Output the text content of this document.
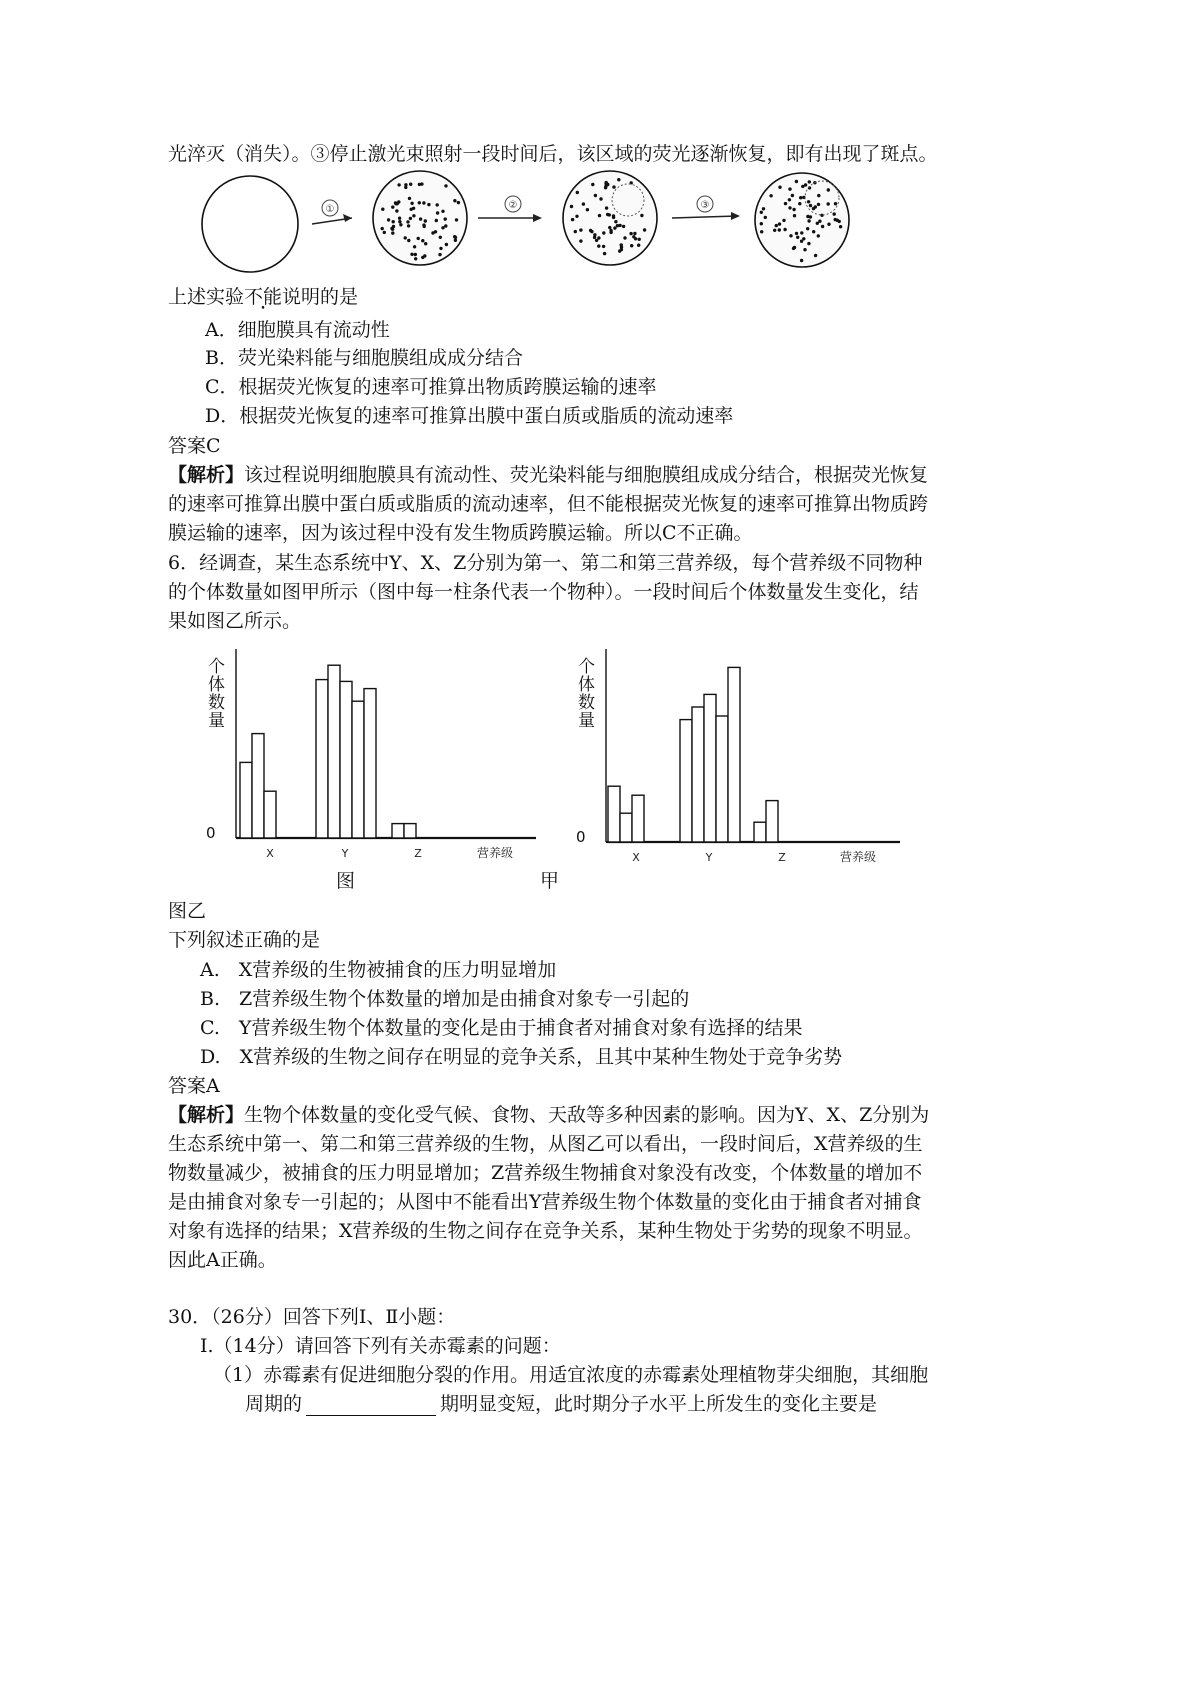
光淬灭（消失）。③停止激光束照射一段时间后，该区域的荧光逐渐恢复，即有出现了斑点。
①	②	③
上述实验不能说明的是
A．细胞膜具有流动性
B．荧光染料能与细胞膜组成成分结合
C．根据荧光恢复的速率可推算出物质跨膜运输的速率
D．根据荧光恢复的速率可推算出膜中蛋白质或脂质的流动速率
答案C
【解析】该过程说明细胞膜具有流动性、荧光染料能与细胞膜组成成分结合，根据荧光恢复
的速率可推算出膜中蛋白质或脂质的流动速率，但不能根据荧光恢复的速率可推算出物质跨
膜运输的速率，因为该过程中没有发生物质跨膜运输。所以C不正确。
6．经调查，某生态系统中Y、X、Z分别为第一、第二和第三营养级，每个营养级不同物种
的个体数量如图甲所示（图中每一柱条代表一个物种）。一段时间后个体数量发生变化，结
果如图乙所示。
个体数量
0
X	Y	Z	营养级
个体数量
0
X	Y	Z	营养级
图	甲
图乙
下列叙述正确的是
A.　X营养级的生物被捕食的压力明显增加
B.　Z营养级生物个体数量的增加是由捕食对象专一引起的
C.　Y营养级生物个体数量的变化是由于捕食者对捕食对象有选择的结果
D.　X营养级的生物之间存在明显的竞争关系，且其中某种生物处于竞争劣势
答案A
【解析】生物个体数量的变化受气候、食物、天敌等多种因素的影响。因为Y、X、Z分别为
生态系统中第一、第二和第三营养级的生物，从图乙可以看出，一段时间后，X营养级的生
物数量减少，被捕食的压力明显增加；Z营养级生物捕食对象没有改变，个体数量的增加不
是由捕食对象专一引起的；从图中不能看出Y营养级生物个体数量的变化由于捕食者对捕食
对象有选择的结果；X营养级的生物之间存在竞争关系，某种生物处于劣势的现象不明显。
因此A正确。
30．（26分）回答下列Ⅰ、Ⅱ小题：
Ⅰ.（14分）请回答下列有关赤霉素的问题：
（1）赤霉素有促进细胞分裂的作用。用适宜浓度的赤霉素处理植物芽尖细胞，其细胞
周期的	期明显变短，此时期分子水平上所发生的变化主要是
